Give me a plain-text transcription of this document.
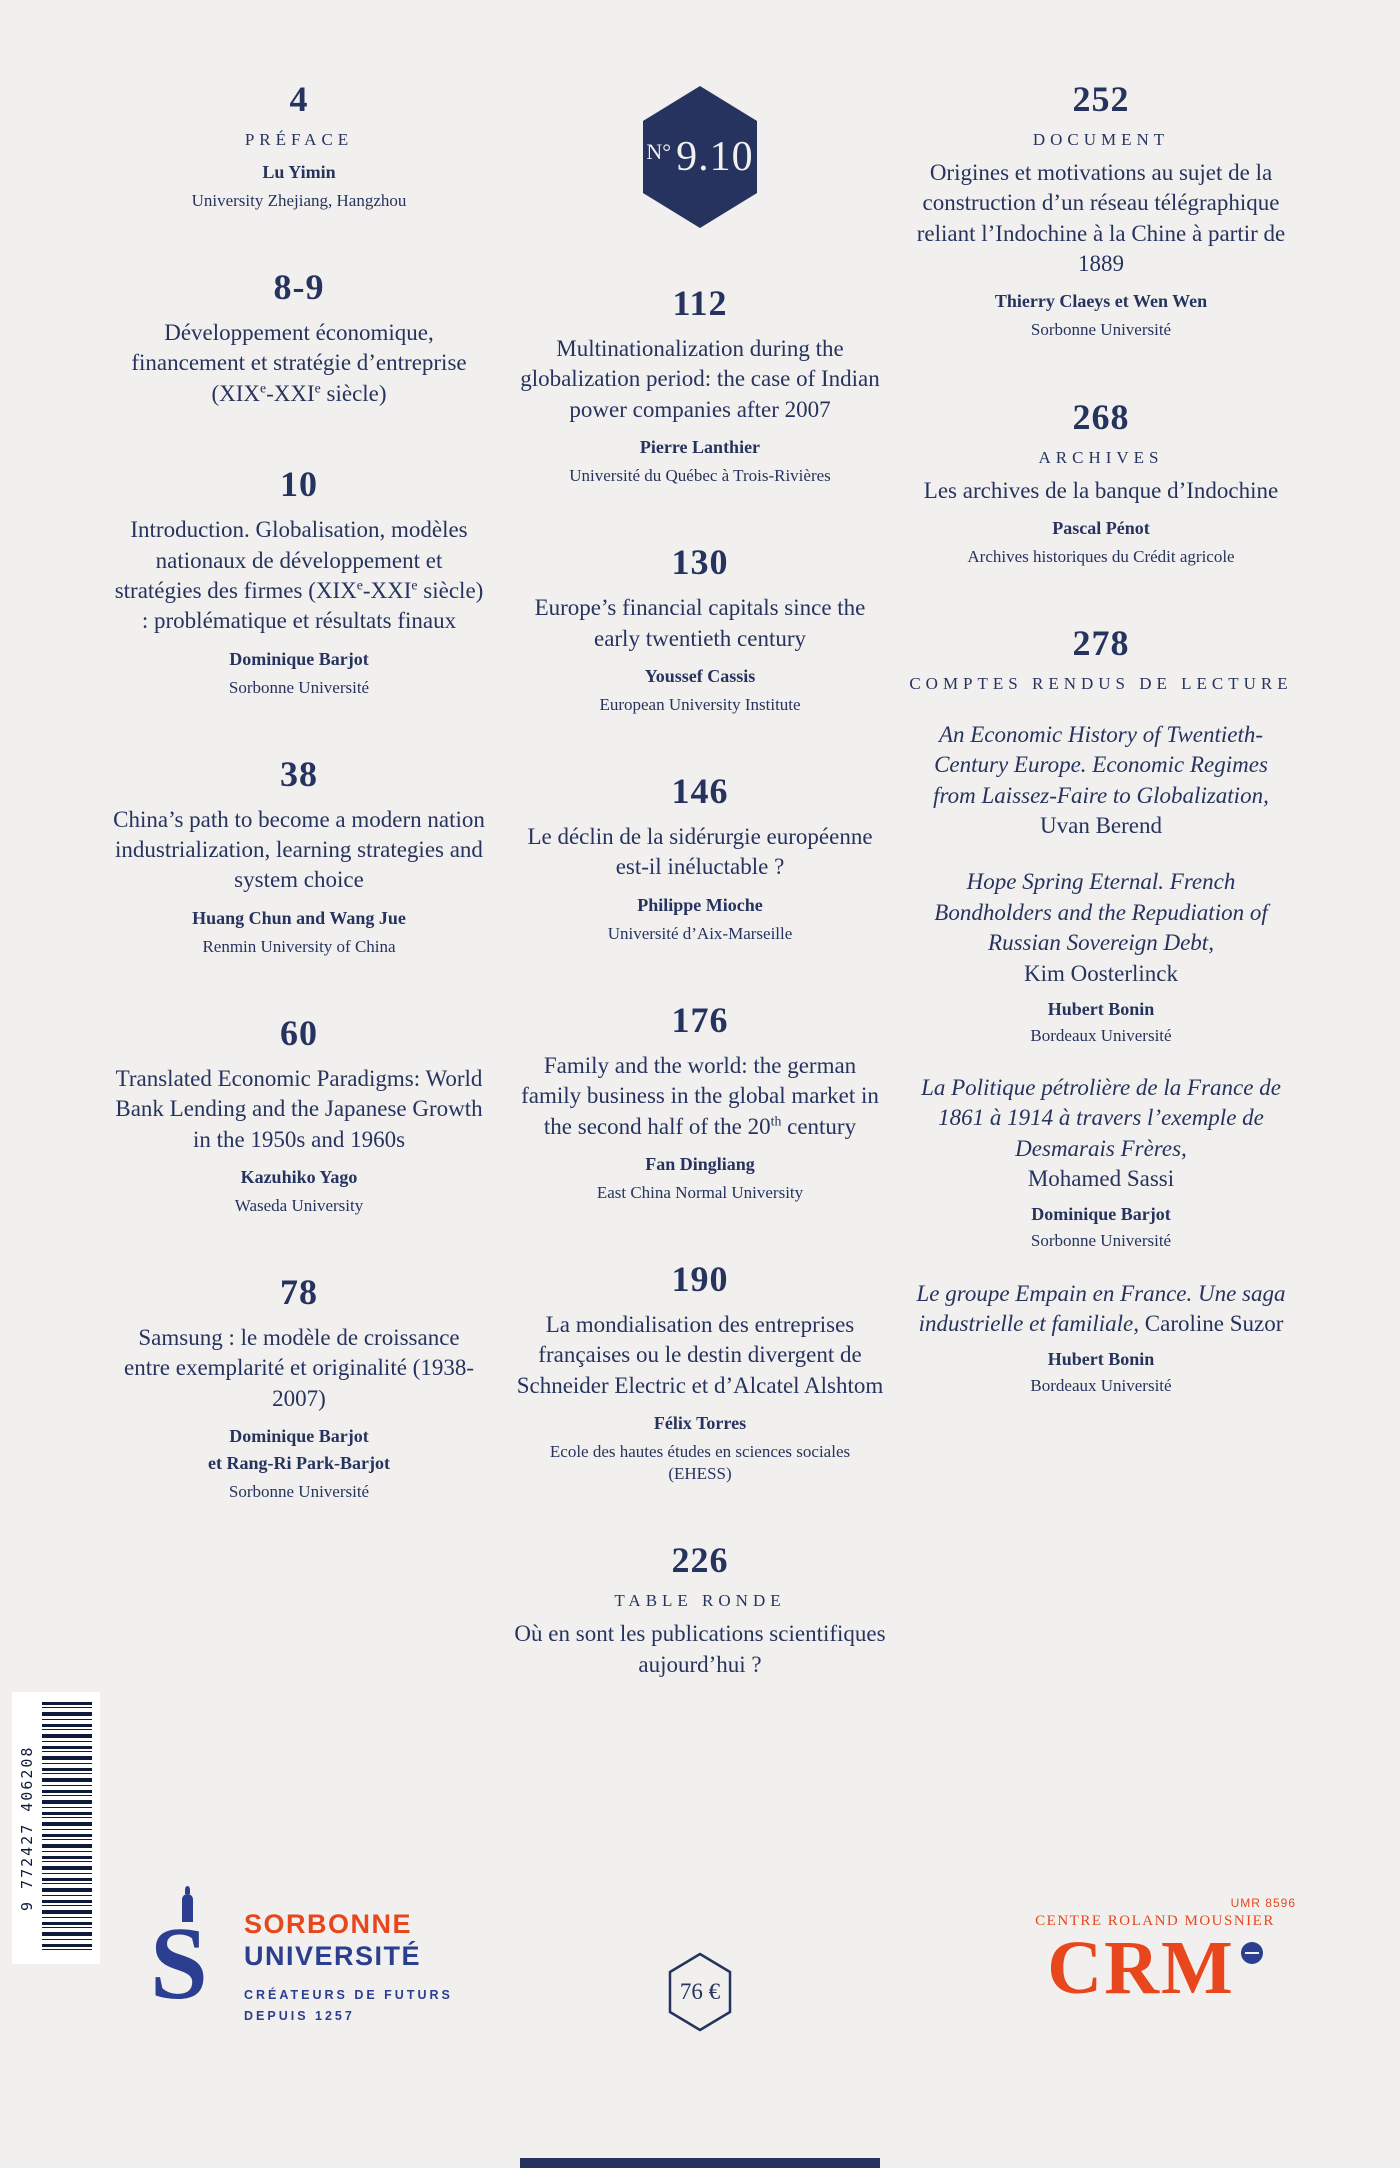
4
PRÉFACE
Lu Yimin
University Zhejiang, Hangzhou
8-9
Développement économique, financement et stratégie d’entreprise (XIXe-XXIe siècle)
10
Introduction. Globalisation, modèles nationaux de développement et stratégies des firmes (XIXe-XXIe siècle) : problématique et résultats finaux
Dominique Barjot
Sorbonne Université
38
China’s path to become a modern nation industrialization, learning strategies and system choice
Huang Chun and Wang Jue
Renmin University of China
60
Translated Economic Paradigms: World Bank Lending and the Japanese Growth in the 1950s and 1960s
Kazuhiko Yago
Waseda University
78
Samsung : le modèle de croissance entre exemplarité et originalité (1938-2007)
Dominique Barjot
et Rang-Ri Park-Barjot
Sorbonne Université
N° 9.10
112
Multinationalization during the globalization period: the case of Indian power companies after 2007
Pierre Lanthier
Université du Québec à Trois-Rivières
130
Europe’s financial capitals since the early twentieth century
Youssef Cassis
European University Institute
146
Le déclin de la sidérurgie européenne est-il inéluctable ?
Philippe Mioche
Université d’Aix-Marseille
176
Family and the world: the german family business in the global market in the second half of the 20th century
Fan Dingliang
East China Normal University
190
La mondialisation des entreprises françaises ou le destin divergent de Schneider Electric et d’Alcatel Alshtom
Félix Torres
Ecole des hautes études en sciences sociales (EHESS)
226
TABLE RONDE
Où en sont les publications scientifiques aujourd’hui ?
252
DOCUMENT
Origines et motivations au sujet de la construction d’un réseau télégraphique reliant l’Indochine à la Chine à partir de 1889
Thierry Claeys et Wen Wen
Sorbonne Université
268
ARCHIVES
Les archives de la banque d’Indochine
Pascal Pénot
Archives historiques du Crédit agricole
278
COMPTES RENDUS DE LECTURE
An Economic History of Twentieth-Century Europe. Economic Regimes from Laissez-Faire to Globalization,
Uvan Berend
Hope Spring Eternal. French Bondholders and the Repudiation of Russian Sovereign Debt,
Kim Oosterlinck
Hubert Bonin
Bordeaux Université
La Politique pétrolière de la France de 1861 à 1914 à travers l’exemple de Desmarais Frères,
Mohamed Sassi
Dominique Barjot
Sorbonne Université
Le groupe Empain en France. Une saga industrielle et familiale, Caroline Suzor
Hubert Bonin
Bordeaux Université
9 772427 406208
S SORBONNE
UNIVERSITÉ
CRÉATEURS DE FUTURS
DEPUIS 1257
76 €
UMR 8596
CENTRE ROLAND MOUSNIER
CRM
